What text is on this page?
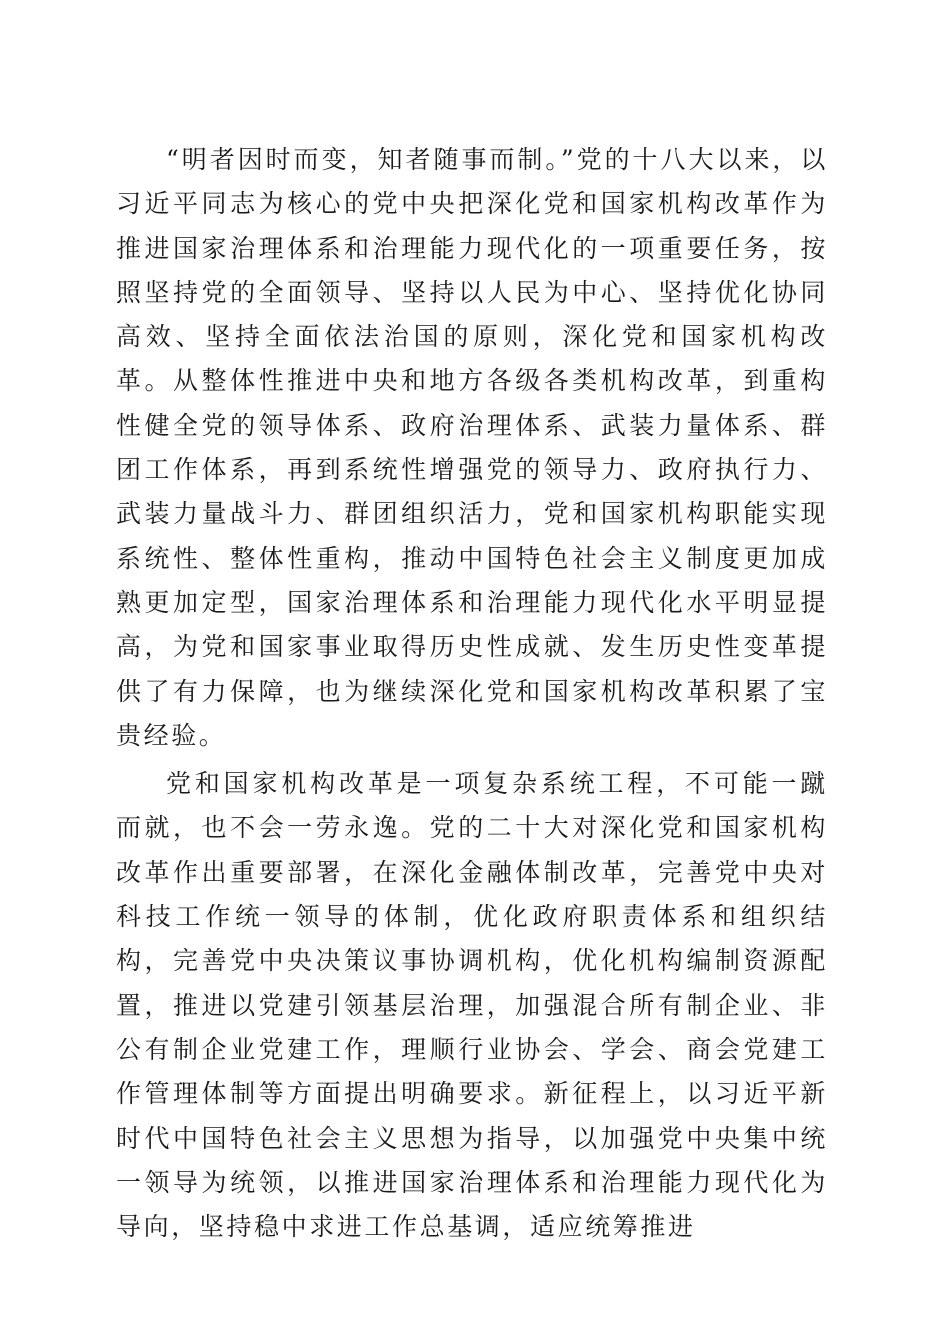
“明者因时而变，知者随事而制。”党的十八大以来，以习近平同志为核心的党中央把深化党和国家机构改革作为推进国家治理体系和治理能力现代化的一项重要任务，按照坚持党的全面领导、坚持以人民为中心、坚持优化协同高效、坚持全面依法治国的原则，深化党和国家机构改革。从整体性推进中央和地方各级各类机构改革，到重构性健全党的领导体系、政府治理体系、武装力量体系、群团工作体系，再到系统性增强党的领导力、政府执行力、武装力量战斗力、群团组织活力，党和国家机构职能实现系统性、整体性重构，推动中国特色社会主义制度更加成熟更加定型，国家治理体系和治理能力现代化水平明显提高，为党和国家事业取得历史性成就、发生历史性变革提供了有力保障，也为继续深化党和国家机构改革积累了宝贵经验。

党和国家机构改革是一项复杂系统工程，不可能一蹴而就，也不会一劳永逸。党的二十大对深化党和国家机构改革作出重要部署，在深化金融体制改革，完善党中央对科技工作统一领导的体制，优化政府职责体系和组织结构，完善党中央决策议事协调机构，优化机构编制资源配置，推进以党建引领基层治理，加强混合所有制企业、非公有制企业党建工作，理顺行业协会、学会、商会党建工作管理体制等方面提出明确要求。新征程上，以习近平新时代中国特色社会主义思想为指导，以加强党中央集中统一领导为统领，以推进国家治理体系和治理能力现代化为导向，坚持稳中求进工作总基调，适应统筹推进
